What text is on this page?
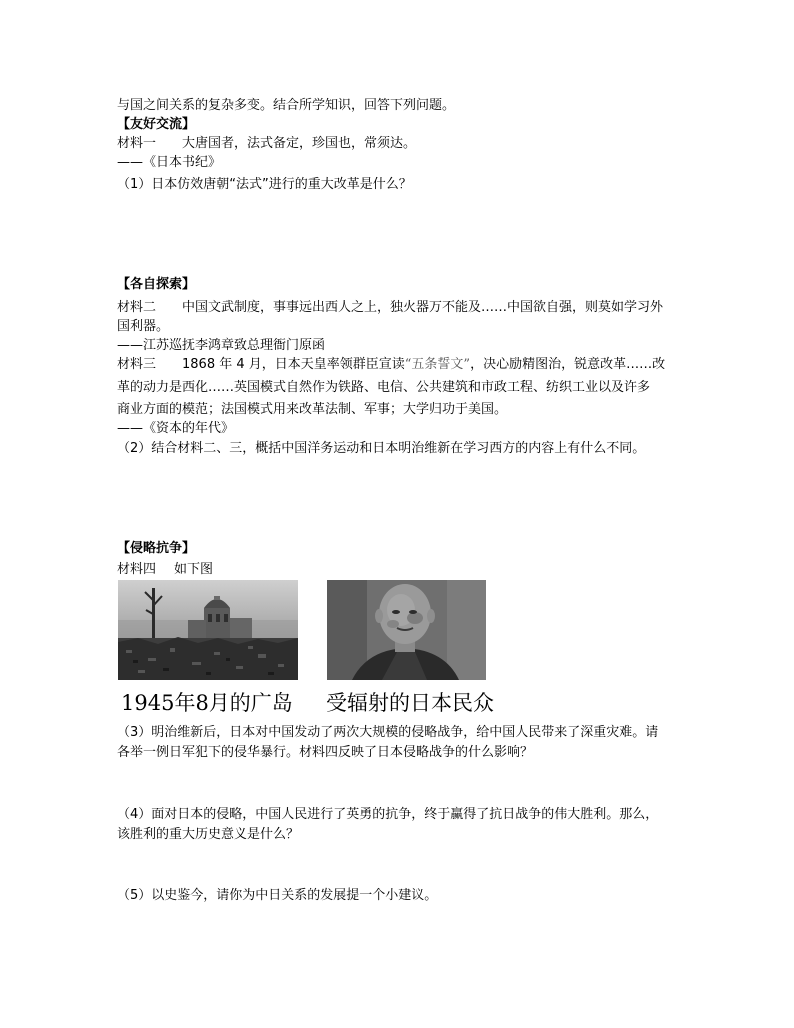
与国之间关系的复杂多变。结合所学知识，回答下列问题。
【友好交流】
材料一 大唐国者，法式备定，珍国也，常须达。
——《日本书纪》
（1）日本仿效唐朝“法式”进行的重大改革是什么？
【各自探索】
材料二 中国文武制度，事事远出西人之上，独火器万不能及……中国欲自强，则莫如学习外
国利器。
——江苏巡抚李鸿章致总理衙门原函
材料三 1868 年 4 月，日本天皇率领群臣宣读“五条誓文”，决心励精图治，锐意改革……改
革的动力是西化……英国模式自然作为铁路、电信、公共建筑和市政工程、纺织工业以及许多
商业方面的模范；法国模式用来改革法制、军事；大学归功于美国。
——《资本的年代》
（2）结合材料二、三，概括中国洋务运动和日本明治维新在学习西方的内容上有什么不同。
【侵略抗争】
材料四 如下图
1945年8月的广岛 受辐射的日本民众
（3）明治维新后，日本对中国发动了两次大规模的侵略战争，给中国人民带来了深重灾难。请
各举一例日军犯下的侵华暴行。材料四反映了日本侵略战争的什么影响？
（4）面对日本的侵略，中国人民进行了英勇的抗争，终于赢得了抗日战争的伟大胜利。那么，
该胜利的重大历史意义是什么？
（5）以史鉴今，请你为中日关系的发展提一个小建议。
